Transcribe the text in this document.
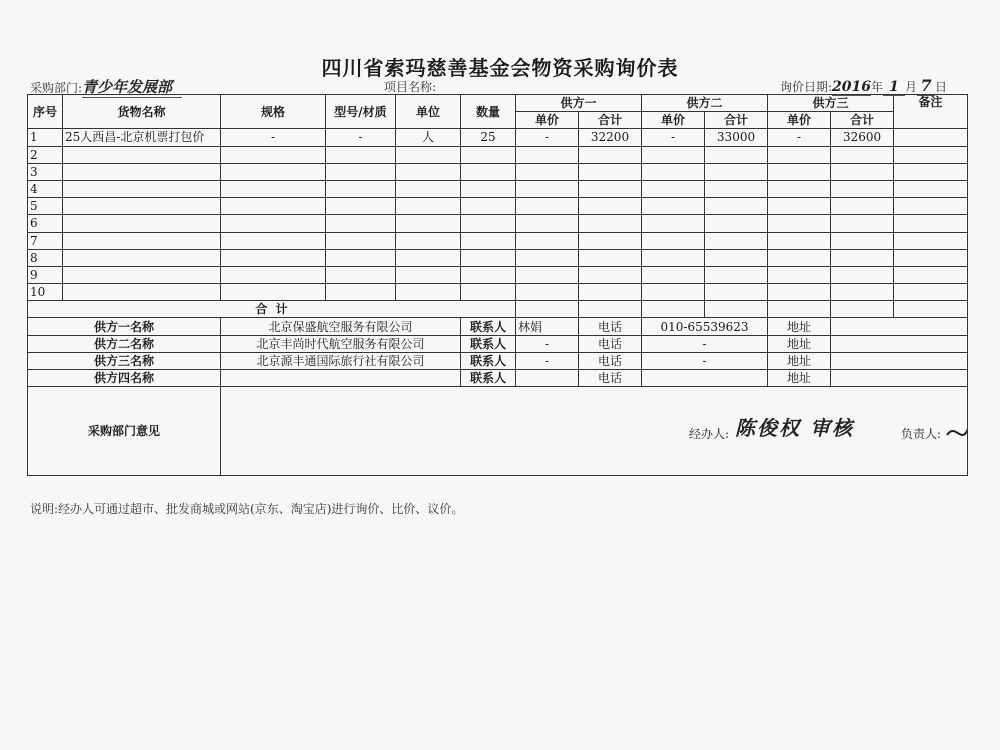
四川省索玛慈善基金会物资采购询价表
采购部门:青少年发展部	项目名称:	询价日期:2016年 1 月 7 日
序号	货物名称	规格	型号/材质	单位	数量	供方一		供方二		供方三		备注
						单价	合计	单价	合计	单价	合计	
1	25人西昌-北京机票打包价	-	-	人	25	-	32200	-	33000	-	32600	
2												
3												
4												
5												
6												
7												
8												
9												
10												
合  计												
供方一名称		北京保盛航空服务有限公司			联系人	林娟	电话	010-65539623		地址		
供方二名称		北京丰尚时代航空服务有限公司			联系人	-	电话	-		地址		
供方三名称		北京源丰通国际旅行社有限公司			联系人	-	电话	-		地址		
供方四名称					联系人		电话			地址		
采购部门意见		经办人: 陈俊权 审核 负责人:										
说明:经办人可通过超市、批发商城或网站(京东、淘宝店)进行询价、比价、议价。
